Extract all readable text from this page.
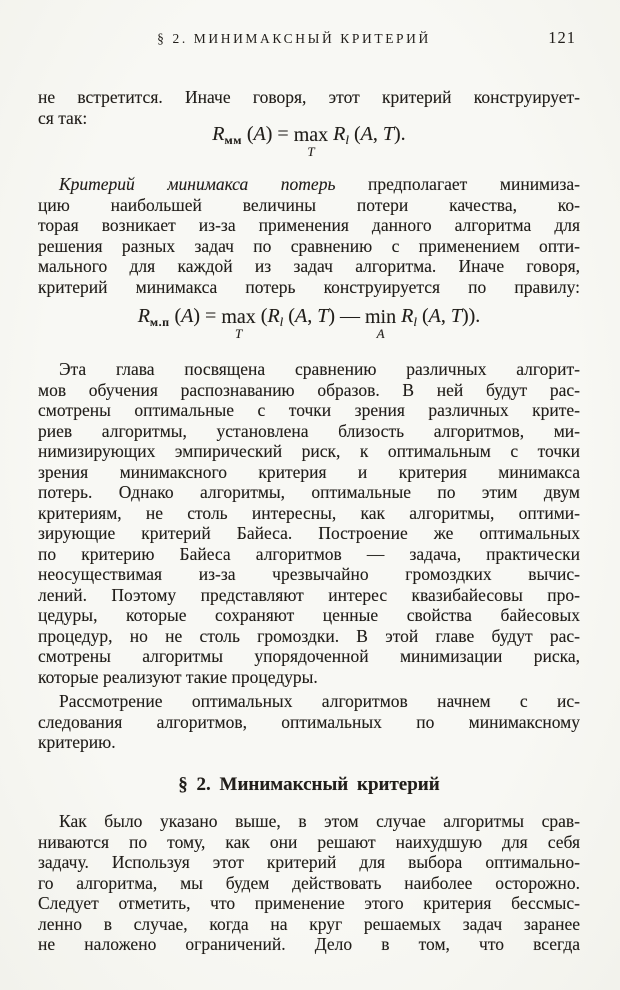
§ 2. МИНИМАКСНЫЙ КРИТЕРИЙ	121
не встретится. Иначе говоря, этот критерий конструирует-
ся так:
$R_{мм}$ (A) = max
T
$R_l$ (A, T).
Критерий минимакса потерь предполагает минимиза-
цию наибольшей величины потери качества, ко-
торая возникает из-за применения данного алгоритма для
решения разных задач по сравнению с применением опти-
мального для каждой из задач алгоритма. Иначе говоря,
критерий минимакса потерь конструируется по правилу:
$R_{м.п}$ (A) = max
T
($R_l$ (A, T) — min
A
$R_l$ (A, T)).
Эта глава посвящена сравнению различных алгорит-
мов обучения распознаванию образов. В ней будут рас-
смотрены оптимальные с точки зрения различных крите-
риев алгоритмы, установлена близость алгоритмов, ми-
нимизирующих эмпирический риск, к оптимальным с точки
зрения минимаксного критерия и критерия минимакса
потерь. Однако алгоритмы, оптимальные по этим двум
критериям, не столь интересны, как алгоритмы, оптими-
зирующие критерий Байеса. Построение же оптимальных
по критерию Байеса алгоритмов — задача, практически
неосуществимая из-за чрезвычайно громоздких вычис-
лений. Поэтому представляют интерес квазибайесовы про-
цедуры, которые сохраняют ценные свойства байесовых
процедур, но не столь громоздки. В этой главе будут рас-
смотрены алгоритмы упорядоченной минимизации риска,
которые реализуют такие процедуры.
Рассмотрение оптимальных алгоритмов начнем с ис-
следования алгоритмов, оптимальных по минимаксному
критерию.
§ 2. Минимаксный критерий
Как было указано выше, в этом случае алгоритмы срав-
ниваются по тому, как они решают наихудшую для себя
задачу. Используя этот критерий для выбора оптимально-
го алгоритма, мы будем действовать наиболее осторожно.
Следует отметить, что применение этого критерия бессмыс-
ленно в случае, когда на круг решаемых задач заранее
не наложено ограничений. Дело в том, что всегда
